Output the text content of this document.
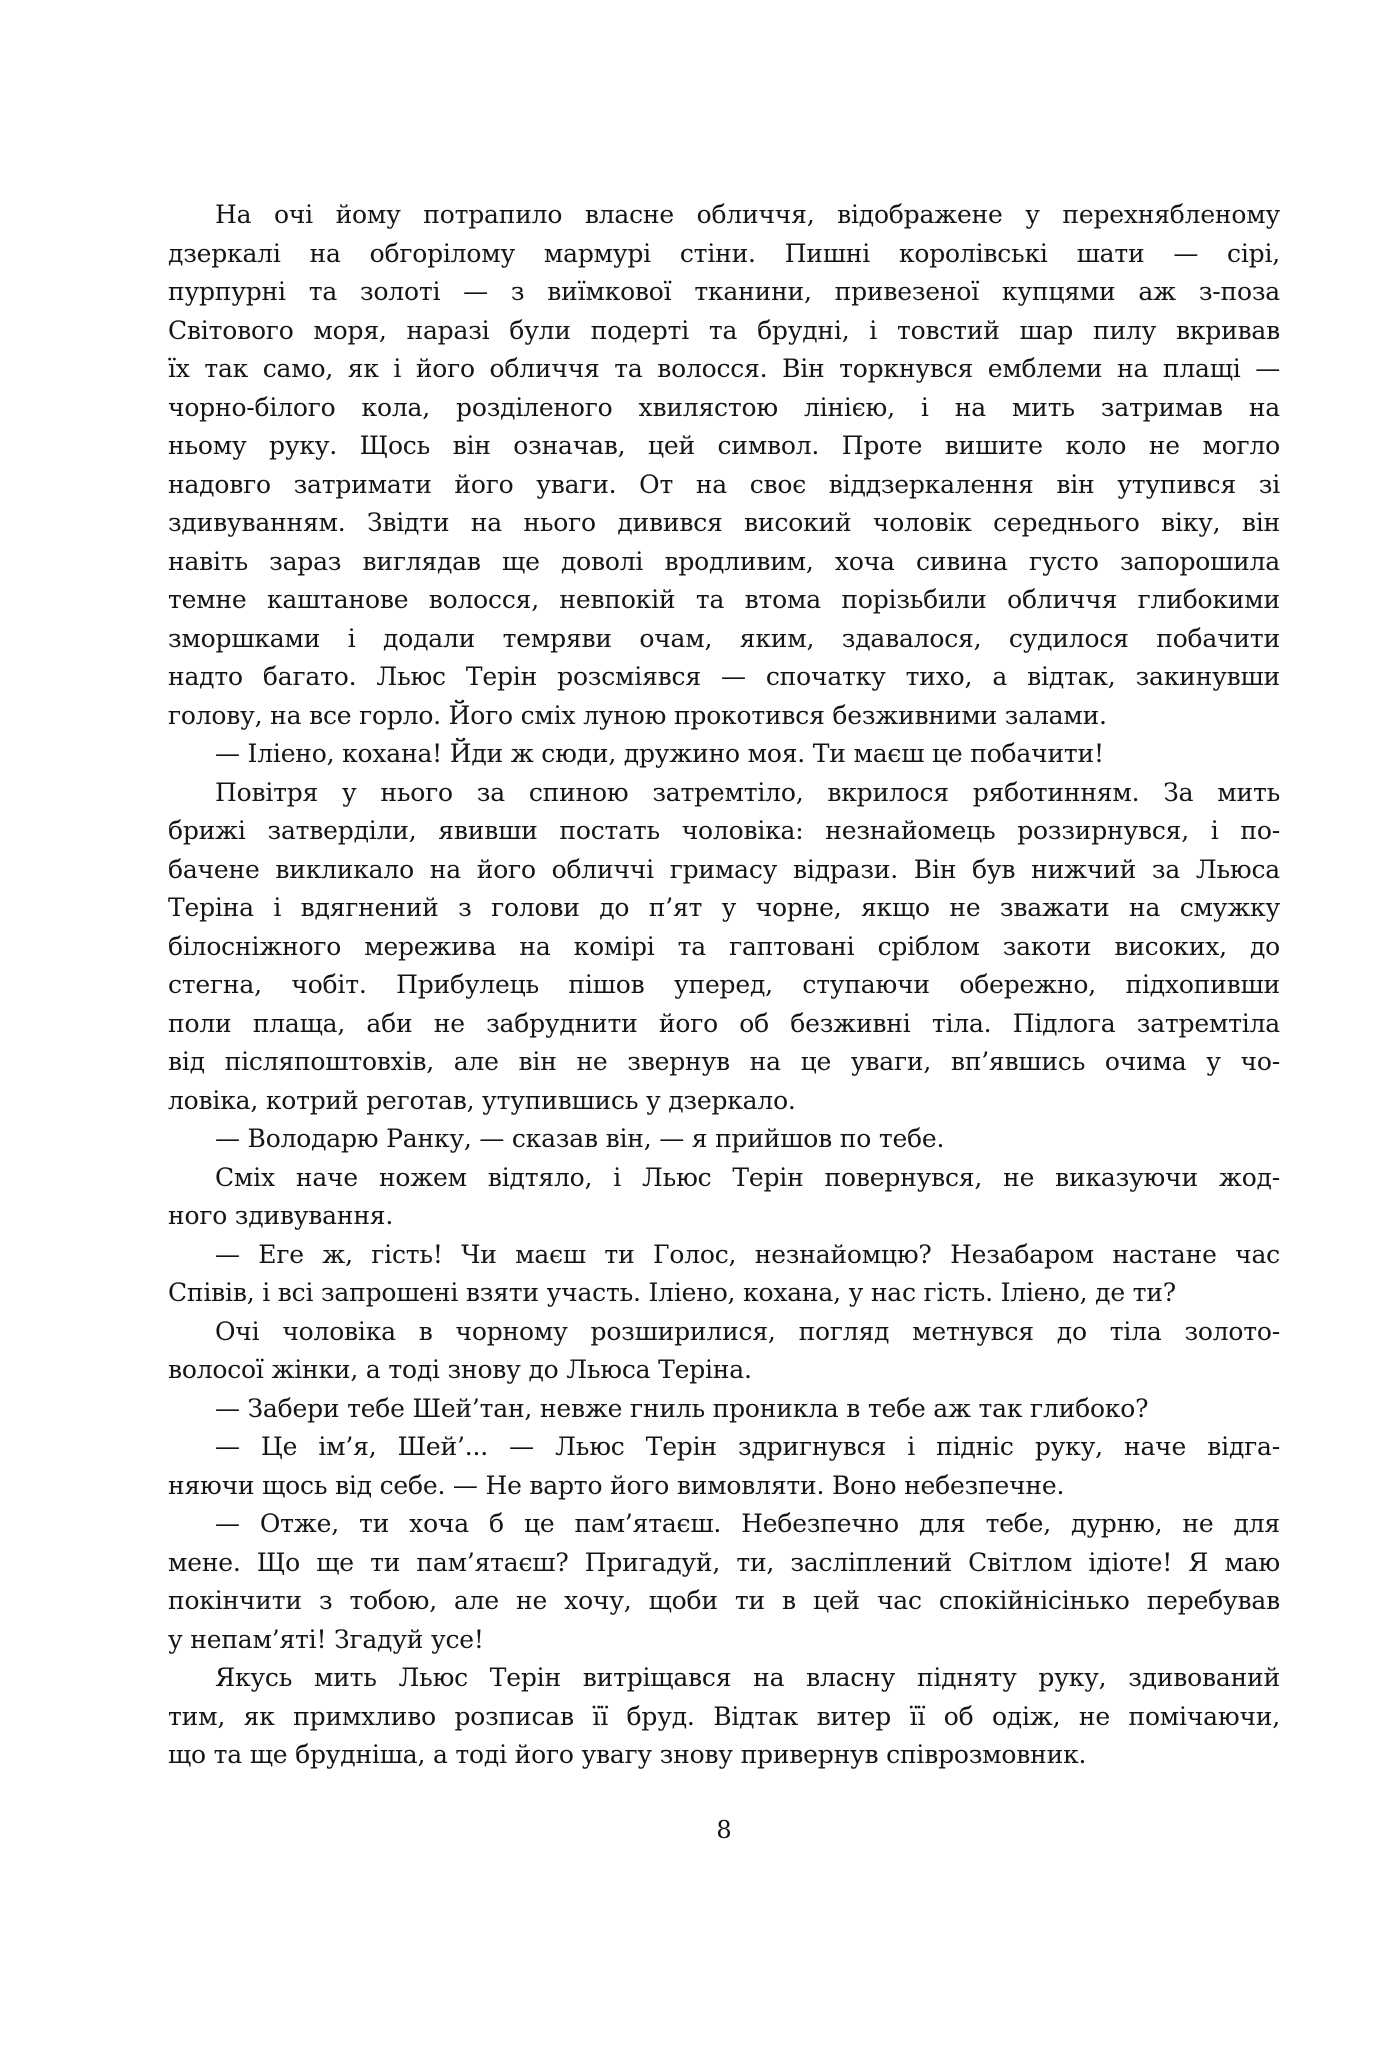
На очі йому потрапило власне обличчя, відображене у перехнябленому
дзеркалі на обгорілому мармурі стіни. Пишні королівські шати — сірі,
пурпурні та золоті — з виїмкової тканини, привезеної купцями аж з-поза
Світового моря, наразі були подерті та брудні, і товстий шар пилу вкривав
їх так само, як і його обличчя та волосся. Він торкнувся емблеми на плащі —
чорно-білого кола, розділеного хвилястою лінією, і на мить затримав на
ньому руку. Щось він означав, цей символ. Проте вишите коло не могло
надовго затримати його уваги. От на своє віддзеркалення він утупився зі
здивуванням. Звідти на нього дивився високий чоловік середнього віку, він
навіть зараз виглядав ще доволі вродливим, хоча сивина густо запорошила
темне каштанове волосся, невпокій та втома порізьбили обличчя глибокими
зморшками і додали темряви очам, яким, здавалося, судилося побачити
надто багато. Льюс Терін розсміявся — спочатку тихо, а відтак, закинувши
голову, на все горло. Його сміх луною прокотився безживними залами.

— Іліено, кохана! Йди ж сюди, дружино моя. Ти маєш це побачити!

Повітря у нього за спиною затремтіло, вкрилося ряботинням. За мить
брижі затверділи, явивши постать чоловіка: незнайомець роззирнувся, і по-
бачене викликало на його обличчі гримасу відрази. Він був нижчий за Льюса
Теріна і вдягнений з голови до п’ят у чорне, якщо не зважати на смужку
білосніжного мережива на комірі та гаптовані сріблом закоти високих, до
стегна, чобіт. Прибулець пішов уперед, ступаючи обережно, підхопивши
поли плаща, аби не забруднити його об безживні тіла. Підлога затремтіла
від післяпоштовхів, але він не звернув на це уваги, вп’явшись очима у чо-
ловіка, котрий реготав, утупившись у дзеркало.

— Володарю Ранку, — сказав він, — я прийшов по тебе.

Сміх наче ножем відтяло, і Льюс Терін повернувся, не виказуючи жод-
ного здивування.

— Еге ж, гість! Чи маєш ти Голос, незнайомцю? Незабаром настане час
Співів, і всі запрошені взяти участь. Іліено, кохана, у нас гість. Іліено, де ти?

Очі чоловіка в чорному розширилися, погляд метнувся до тіла золото-
волосої жінки, а тоді знову до Льюса Теріна.

— Забери тебе Шей’тан, невже гниль проникла в тебе аж так глибоко?

— Це ім’я, Шей’... — Льюс Терін здригнувся і підніс руку, наче відга-
няючи щось від себе. — Не варто його вимовляти. Воно небезпечне.

— Отже, ти хоча б це пам’ятаєш. Небезпечно для тебе, дурню, не для
мене. Що ще ти пам’ятаєш? Пригадуй, ти, засліплений Світлом ідіоте! Я маю
покінчити з тобою, але не хочу, щоби ти в цей час спокійнісінько перебував
у непам’яті! Згадуй усе!

Якусь мить Льюс Терін витріщався на власну підняту руку, здивований
тим, як примхливо розписав її бруд. Відтак витер її об одіж, не помічаючи,
що та ще брудніша, а тоді його увагу знову привернув співрозмовник.

8
